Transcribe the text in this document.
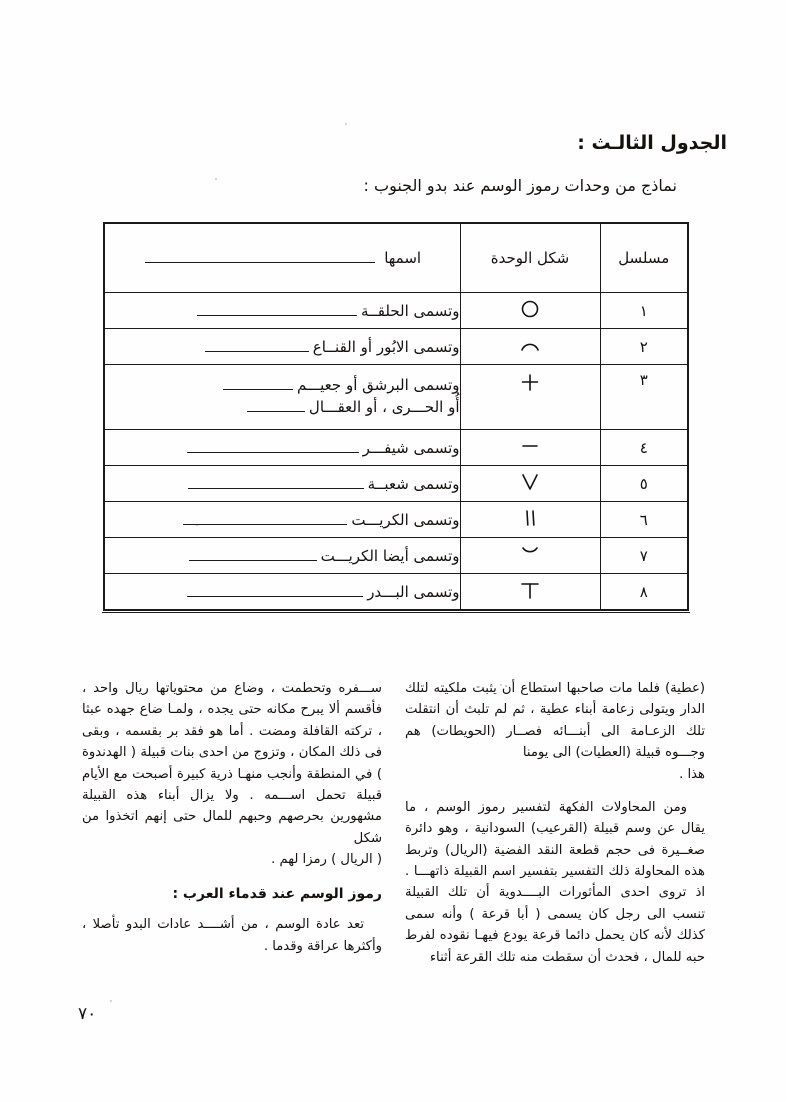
الجدول الثالـث :
نماذج من وحدات رموز الوسم عند بدو الجنوب :
مسلسل	شكل الوحدة	اسمها
١		وتسمى الحلقــة
٢		وتسمى الابُور أو القنــاع
٣		وتسمى البرشق أو جعيـــم
أُو الحـــرى ، أو العقـــال

٤		وتسمى شيفـــر
٥		وتسمى شعبــة
٦		وتسمى الكريـــت
٧		وتسمى أيضا الكريـــت
٨		وتسمى البـــدر

(عطية) فلما مات صاحبها استطاع أن يثبت ملكيته لتلك الدار ويتولى زعامة أبناء عطية ، ثم لم تلبث أن انتقلت تلك الزعـامة الى أبنـــائه فصــار (الحويطات) هم وجـــوه قبيلة (العطيات) الى يومنا
هذا .

ومن المحاولات الفكهة لتفسير رموز الوسم ، ما يقال عن وسم قبيلة (القرعيب) السودانية ، وهو دائرة صغــيرة فى حجم قطعة النقد الفضية (الريال) وتربط هذه المحاولة ذلك التفسير بتفسير اسم القبيلة ذاتهـــا . اذ تروى احدى المأثورات البــــدوية أن تلك القبيلة تنسب الى رجل كان يسمى ( أبا قرعة ) وأنه سمى كذلك لأنه كان يحمل دائما قرعة يودع فيهـا نقوده لفرط حبه للمال ، فحدث أن سقطت منه تلك القرعة أثناء

ســـفره وتحطمت ، وضاع من محتوياتها ريال واحد ، فأقسم ألا يبرح مكانه حتى يجده ، ولمـا ضاع جهده عبثا ، تركته القافلة ومضت . أما هو فقد بر بقسمه ، وبقى فى ذلك المكان ، وتزوج من احدى بنات قبيلة ( الهدندوة ) في المنطقة وأنجب منهـا ذرية كبيرة أصبحت مع الأيام قبيلة تحمل اســـمه . ولا يزال أبناء هذه القبيلة مشهورين بحرصهم وحبهم للمال حتى إنهم اتخذوا من شكل
( الريال ) رمزا لهم .

رموز الوسم عند قدماء العرب :

تعد عادة الوسم ، من أشــــد عادات البدو تأصلا ، وأكثرها عراقة وقدما .

٧٠
